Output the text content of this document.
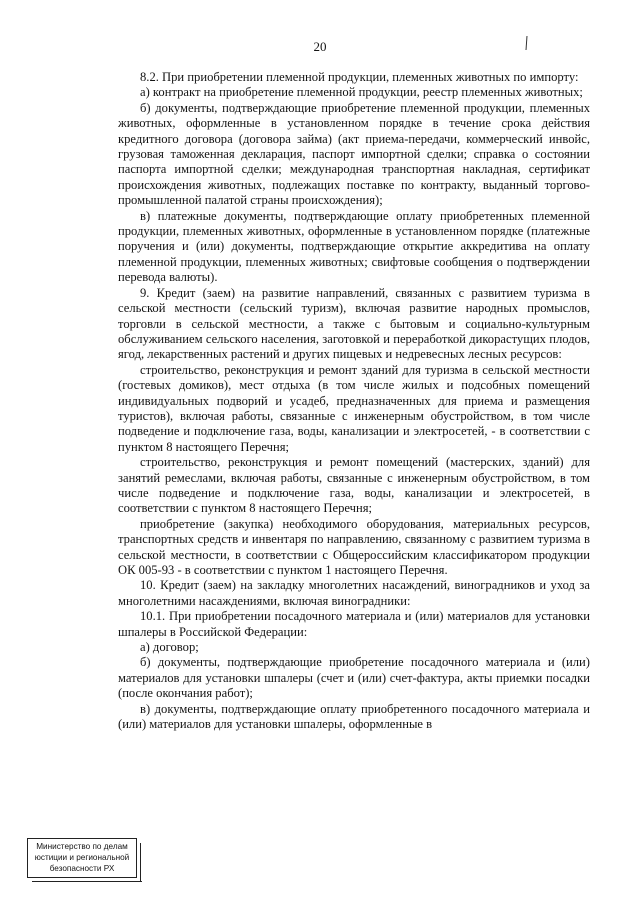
20

8.2. При приобретении племенной продукции, племенных животных по импорту:

а) контракт на приобретение племенной продукции, реестр племенных животных;

б) документы, подтверждающие приобретение племенной продукции, племенных животных, оформленные в установленном порядке в течение срока действия кредитного договора (договора займа) (акт приема-передачи, коммерческий инвойс, грузовая таможенная декларация, паспорт импортной сделки; справка о состоянии паспорта импортной сделки; международная транспортная накладная, сертификат происхождения животных, подлежащих поставке по контракту, выданный торгово-промышленной палатой страны происхождения);

в) платежные документы, подтверждающие оплату приобретенных племенной продукции, племенных животных, оформленные в установленном порядке (платежные поручения и (или) документы, подтверждающие открытие аккредитива на оплату племенной продукции, племенных животных; свифтовые сообщения о подтверждении перевода валюты).

9. Кредит (заем) на развитие направлений, связанных с развитием туризма в сельской местности (сельский туризм), включая развитие народных промыслов, торговли в сельской местности, а также с бытовым и социально-культурным обслуживанием сельского населения, заготовкой и переработкой дикорастущих плодов, ягод, лекарственных растений и других пищевых и недревесных лесных ресурсов:

строительство, реконструкция и ремонт зданий для туризма в сельской местности (гостевых домиков), мест отдыха (в том числе жилых и подсобных помещений индивидуальных подворий и усадеб, предназначенных для приема и размещения туристов), включая работы, связанные с инженерным обустройством, в том числе подведение и подключение газа, воды, канализации и электросетей, - в соответствии с пунктом 8 настоящего Перечня;

строительство, реконструкция и ремонт помещений (мастерских, зданий) для занятий ремеслами, включая работы, связанные с инженерным обустройством, в том числе подведение и подключение газа, воды, канализации и электросетей, в соответствии с пунктом 8 настоящего Перечня;

приобретение (закупка) необходимого оборудования, материальных ресурсов, транспортных средств и инвентаря по направлению, связанному с развитием туризма в сельской местности, в соответствии с Общероссийским классификатором продукции ОК 005-93 - в соответствии с пунктом 1 настоящего Перечня.

10. Кредит (заем) на закладку многолетних насаждений, виноградников и уход за многолетними насаждениями, включая виноградники:

10.1. При приобретении посадочного материала и (или) материалов для установки шпалеры в Российской Федерации:

а) договор;

б) документы, подтверждающие приобретение посадочного материала и (или) материалов для установки шпалеры (счет и (или) счет-фактура, акты приемки посадки (после окончания работ);

в) документы, подтверждающие оплату приобретенного посадочного материала и (или) материалов для установки шпалеры, оформленные в

Министерство по делам
юстиции и региональной
безопасности РХ
